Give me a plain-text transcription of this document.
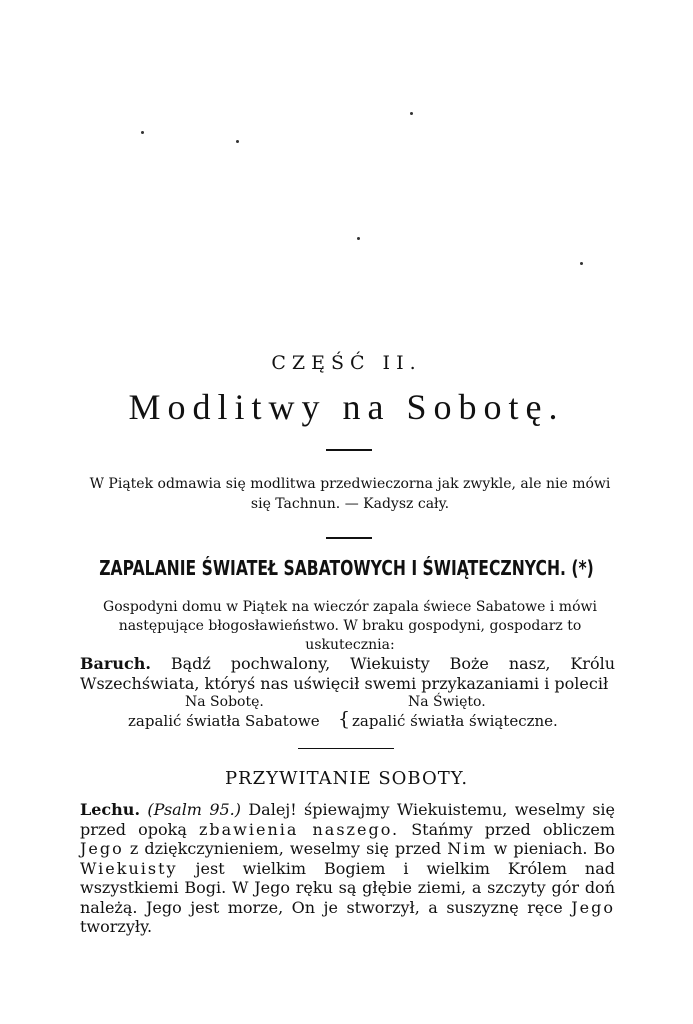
CZĘŚĆ II.
Modlitwy na Sobotę.
W Piątek odmawia się modlitwa przedwieczorna jak zwykle, ale nie mówi się Tachnun. — Kadysz cały.
ZAPALANIE ŚWIATEŁ SABATOWYCH I ŚWIĄTECZNYCH. (*)
Gospodyni domu w Piątek na wieczór zapala świece Sabatowe i mówi następujące błogosławieństwo. W braku gospodyni, gospodarz to uskutecznia:
Baruch. Bądź pochwalony, Wiekuisty Boże nasz, Królu Wszechświata, któryś nas uświęcił swemi przykazaniami i polecił
Na Sobotę.	Na Święto.
zapalić światła Sabatowe { zapalić światła świąteczne.
PRZYWITANIE SOBOTY.
Lechu. (Psalm 95.) Dalej! śpiewajmy Wiekuistemu, weselmy się przed opoką zbawienia naszego. Stańmy przed obliczem Jego z dziękczynieniem, weselmy się przed Nim w pieniach. Bo Wiekuisty jest wielkim Bogiem i wielkim Królem nad wszystkiemi Bogi. W Jego ręku są głębie ziemi, a szczyty gór doń należą. Jego jest morze, On je stworzył, a suszyznę ręce Jego tworzyły.
